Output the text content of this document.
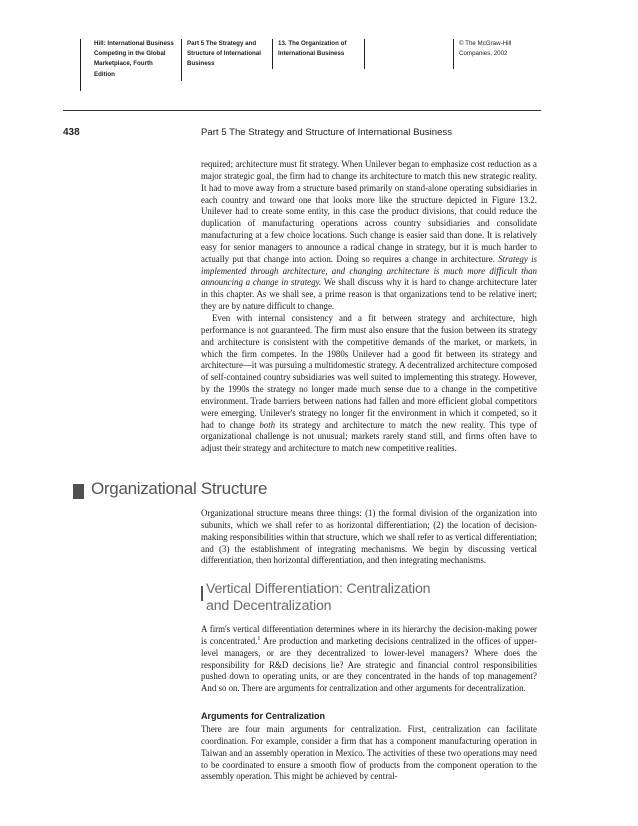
Hill: International Business
Competing in the Global
Marketplace, Fourth
Edition
Part 5 The Strategy and
Structure of International
Business
13. The Organization of
International Business
© The McGraw-Hill
Companies, 2002
438	Part 5 The Strategy and Structure of International Business

required; architecture must fit strategy. When Unilever began to emphasize cost reduction as a major strategic goal, the firm had to change its architecture to match this new strategic reality. It had to move away from a structure based primarily on stand-alone operating subsidiaries in each country and toward one that looks more like the structure depicted in Figure 13.2. Unilever had to create some entity, in this case the product divisions, that could reduce the duplication of manufacturing operations across country subsidiaries and consolidate manufacturing at a few choice locations. Such change is easier said than done. It is relatively easy for senior managers to announce a radical change in strategy, but it is much harder to actually put that change into action. Doing so requires a change in architecture. Strategy is implemented through architecture, and changing architecture is much more difficult than announcing a change in strategy. We shall discuss why it is hard to change architecture later in this chapter. As we shall see, a prime reason is that organizations tend to be relative inert; they are by nature difficult to change.

Even with internal consistency and a fit between strategy and architecture, high performance is not guaranteed. The firm must also ensure that the fusion between its strategy and architecture is consistent with the competitive demands of the market, or markets, in which the firm competes. In the 1980s Unilever had a good fit between its strategy and architecture—it was pursuing a multidomestic strategy. A decentralized architecture composed of self-contained country subsidiaries was well suited to implementing this strategy. However, by the 1990s the strategy no longer made much sense due to a change in the competitive environment. Trade barriers between nations had fallen and more efficient global competitors were emerging. Unilever's strategy no longer fit the environment in which it competed, so it had to change both its strategy and architecture to match the new reality. This type of organizational challenge is not unusual; markets rarely stand still, and firms often have to adjust their strategy and architecture to match new competitive realities.

Organizational Structure

Organizational structure means three things: (1) the formal division of the organization into subunits, which we shall refer to as horizontal differentiation; (2) the location of decision-making responsibilities within that structure, which we shall refer to as vertical differentiation; and (3) the establishment of integrating mechanisms. We begin by discussing vertical differentiation, then horizontal differentiation, and then integrating mechanisms.

Vertical Differentiation: Centralization
and Decentralization

A firm's vertical differentiation determines where in its hierarchy the decision-making power is concentrated.$^1$ Are production and marketing decisions centralized in the offices of upper-level managers, or are they decentralized to lower-level managers? Where does the responsibility for R&D decisions lie? Are strategic and financial control responsibilities pushed down to operating units, or are they concentrated in the hands of top management? And so on. There are arguments for centralization and other arguments for decentralization.

Arguments for Centralization

There are four main arguments for centralization. First, centralization can facilitate coordination. For example, consider a firm that has a component manufacturing operation in Taiwan and an assembly operation in Mexico. The activities of these two operations may need to be coordinated to ensure a smooth flow of products from the component operation to the assembly operation. This might be achieved by central-
